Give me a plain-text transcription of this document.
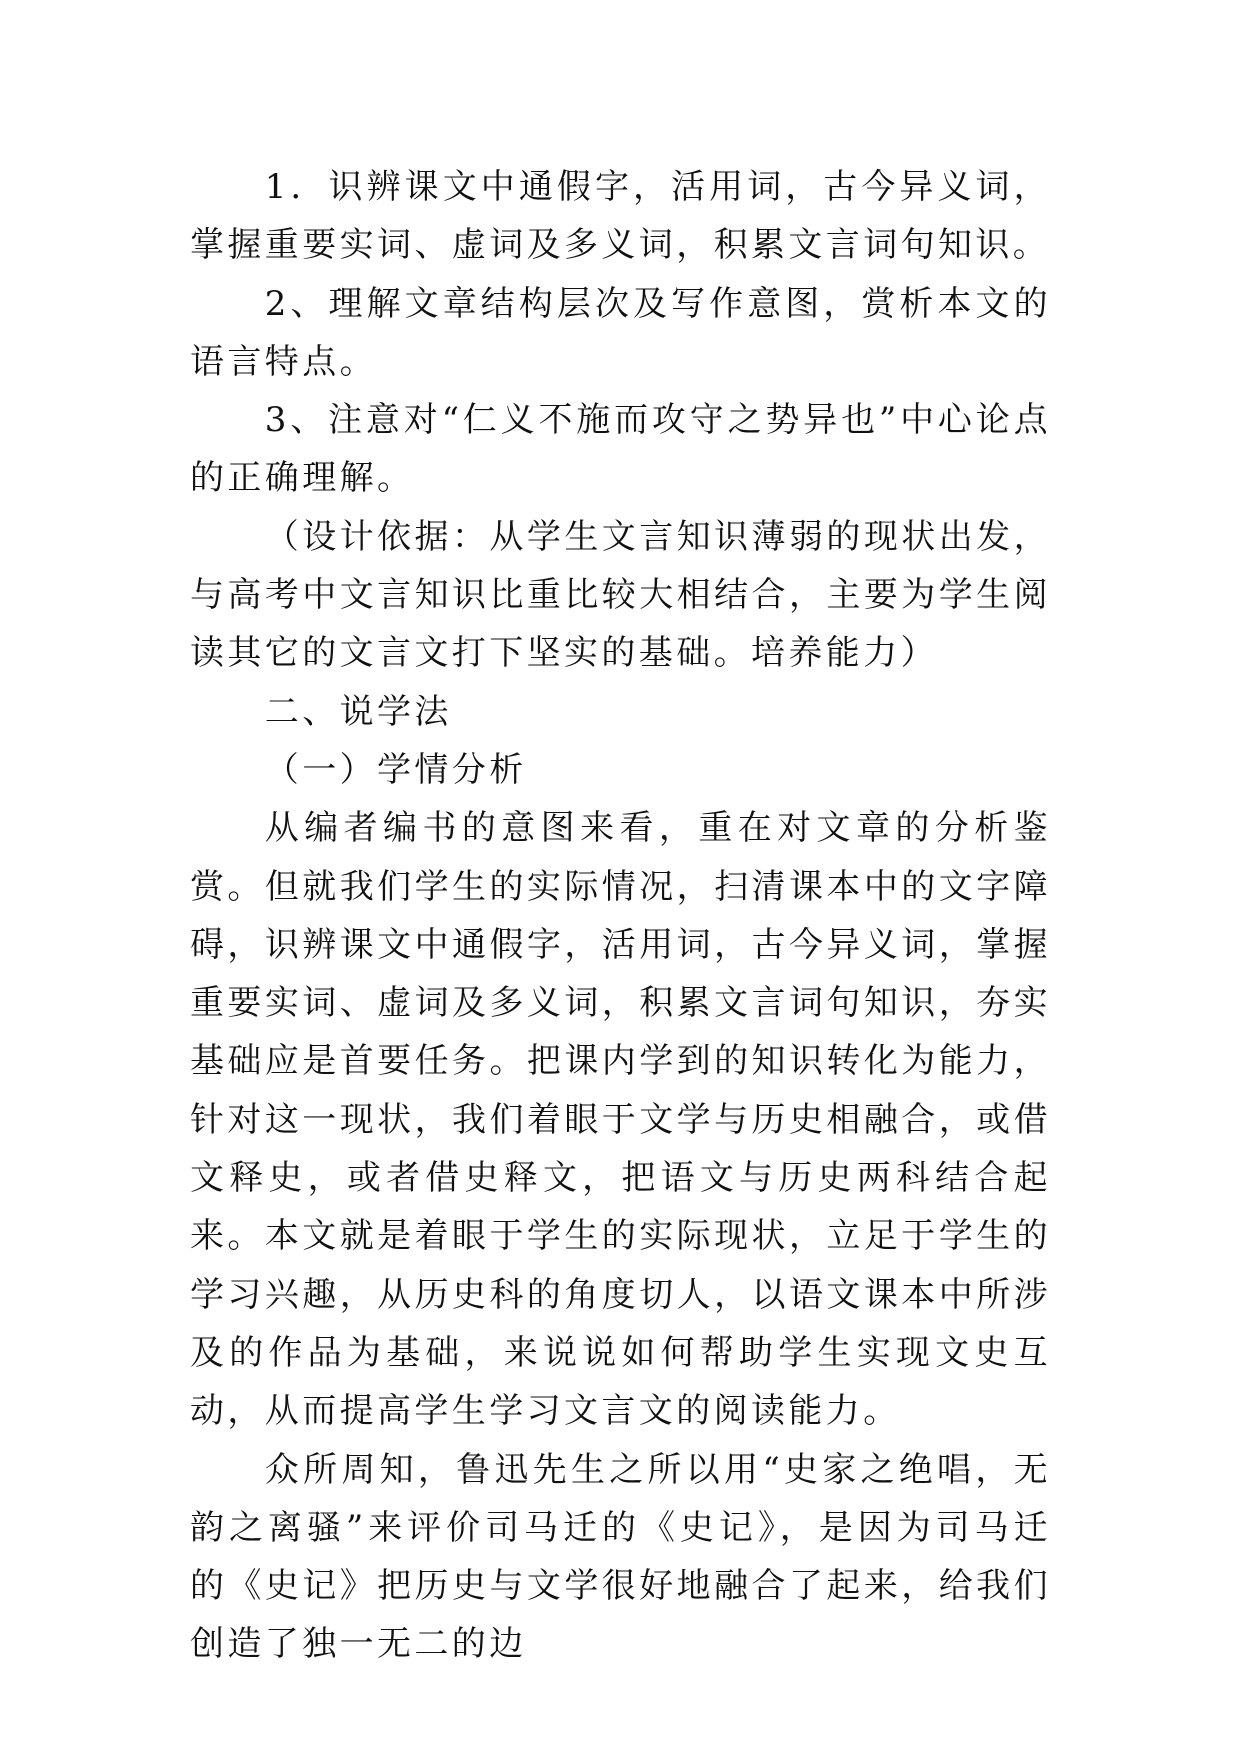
1．识辨课文中通假字，活用词，古今异义词，掌握重要实词、虚词及多义词，积累文言词句知识。

2、理解文章结构层次及写作意图，赏析本文的语言特点。

3、注意对“仁义不施而攻守之势异也”中心论点的正确理解。

（设计依据：从学生文言知识薄弱的现状出发，与高考中文言知识比重比较大相结合，主要为学生阅读其它的文言文打下坚实的基础。培养能力）

二、说学法

（一）学情分析

从编者编书的意图来看，重在对文章的分析鉴赏。但就我们学生的实际情况，扫清课本中的文字障碍，识辨课文中通假字，活用词，古今异义词，掌握重要实词、虚词及多义词，积累文言词句知识，夯实基础应是首要任务。把课内学到的知识转化为能力，针对这一现状，我们着眼于文学与历史相融合，或借文释史，或者借史释文，把语文与历史两科结合起来。本文就是着眼于学生的实际现状，立足于学生的学习兴趣，从历史科的角度切人，以语文课本中所涉及的作品为基础，来说说如何帮助学生实现文史互动，从而提高学生学习文言文的阅读能力。

众所周知，鲁迅先生之所以用“史家之绝唱，无韵之离骚”来评价司马迁的《史记》，是因为司马迁的《史记》把历史与文学很好地融合了起来，给我们创造了独一无二的边
